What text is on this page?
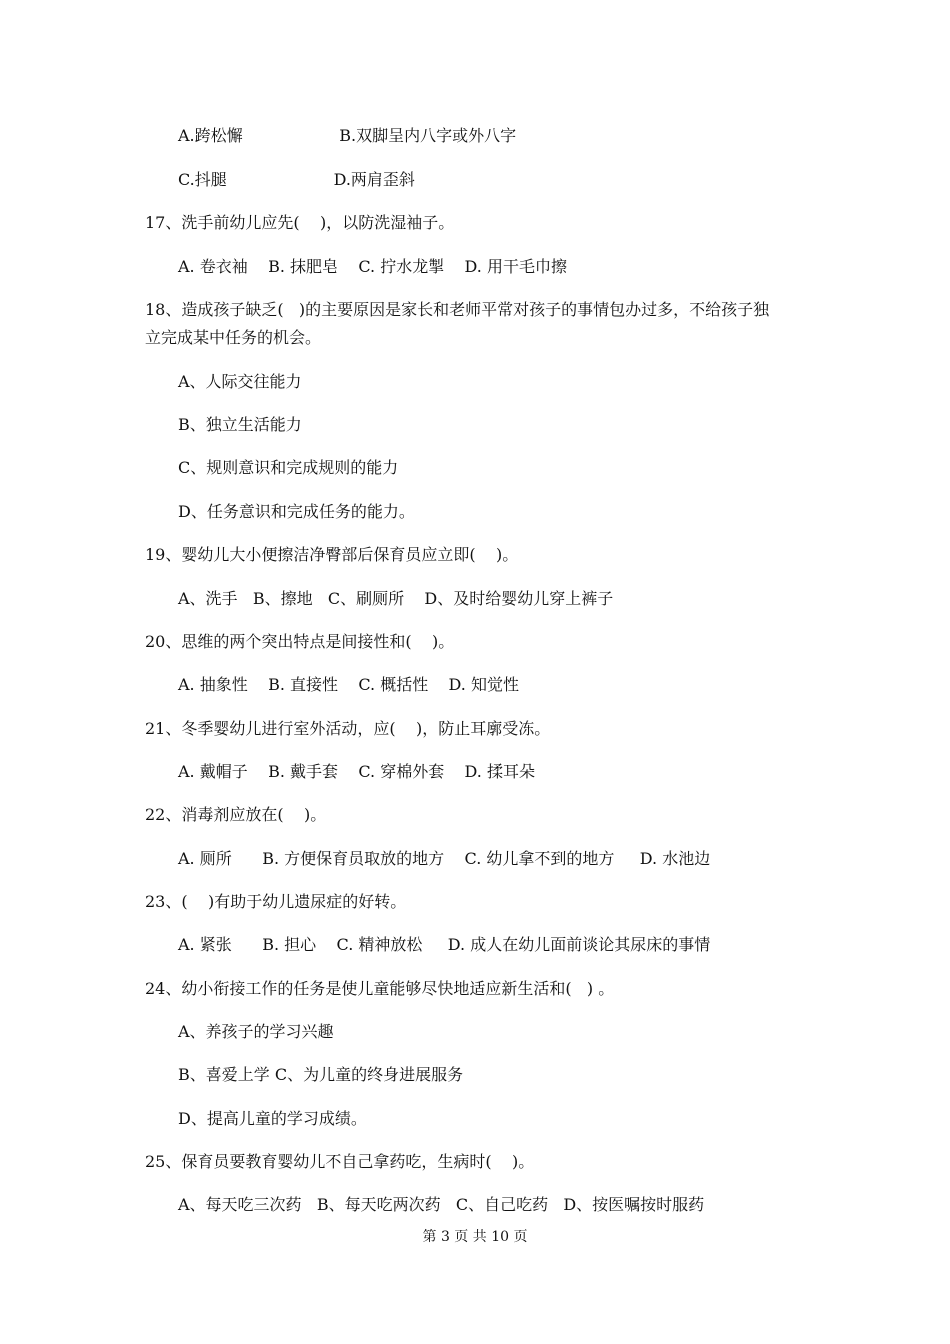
A.跨松懈                   B.双脚呈内八字或外八字
C.抖腿                     D.两肩歪斜
17、洗手前幼儿应先(    )，以防洗湿袖子。
A. 卷衣袖    B. 抹肥皂    C. 拧水龙掣    D. 用干毛巾擦
18、造成孩子缺乏(   )的主要原因是家长和老师平常对孩子的事情包办过多，不给孩子独
立完成某中任务的机会。
A、人际交往能力
B、独立生活能力
C、规则意识和完成规则的能力
D、任务意识和完成任务的能力。
19、婴幼儿大小便擦洁净臀部后保育员应立即(    )。
A、洗手   B、擦地   C、刷厕所    D、及时给婴幼儿穿上裤子
20、思维的两个突出特点是间接性和(    )。
A. 抽象性    B. 直接性    C. 概括性    D. 知觉性
21、冬季婴幼儿进行室外活动，应(    )，防止耳廓受冻。
A. 戴帽子    B. 戴手套    C. 穿棉外套    D. 揉耳朵
22、消毒剂应放在(    )。
A. 厕所      B. 方便保育员取放的地方    C. 幼儿拿不到的地方     D. 水池边
23、(    )有助于幼儿遗尿症的好转。
A. 紧张      B. 担心    C. 精神放松     D. 成人在幼儿面前谈论其尿床的事情
24、幼小衔接工作的任务是使儿童能够尽快地适应新生活和(   ) 。
A、养孩子的学习兴趣
B、喜爱上学 C、为儿童的终身进展服务
D、提高儿童的学习成绩。
25、保育员要教育婴幼儿不自己拿药吃，生病时(    )。
A、每天吃三次药   B、每天吃两次药   C、自己吃药   D、按医嘱按时服药
第 3 页 共 10 页
